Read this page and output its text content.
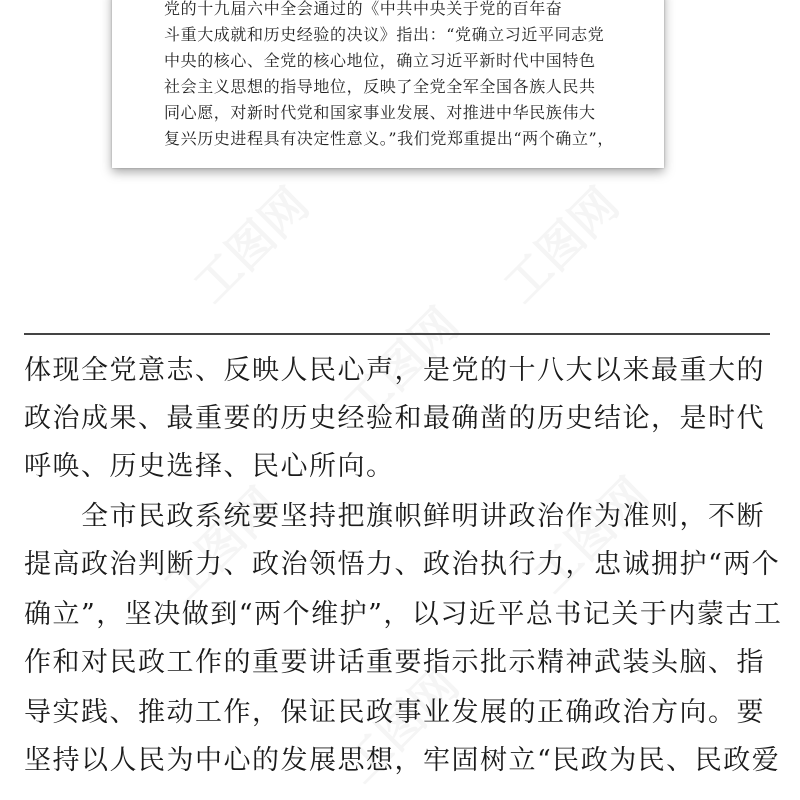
党的十九届六中全会通过的《中共中央关于党的百年奋
斗重大成就和历史经验的决议》指出：“党确立习近平同志党
中央的核心、全党的核心地位，确立习近平新时代中国特色
社会主义思想的指导地位，反映了全党全军全国各族人民共
同心愿，对新时代党和国家事业发展、对推进中华民族伟大
复兴历史进程具有决定性意义。”我们党郑重提出“两个确立”，
工图网	工图网
工图网
工图网	工图网
工图网
体现全党意志、反映人民心声，是党的十八大以来最重大的
政治成果、最重要的历史经验和最确凿的历史结论，是时代
呼唤、历史选择、民心所向。
　　全市民政系统要坚持把旗帜鲜明讲政治作为准则，不断
提高政治判断力、政治领悟力、政治执行力，忠诚拥护“两个
确立”，坚决做到“两个维护”，以习近平总书记关于内蒙古工
作和对民政工作的重要讲话重要指示批示精神武装头脑、指
导实践、推动工作，保证民政事业发展的正确政治方向。要
坚持以人民为中心的发展思想，牢固树立“民政为民、民政爱
